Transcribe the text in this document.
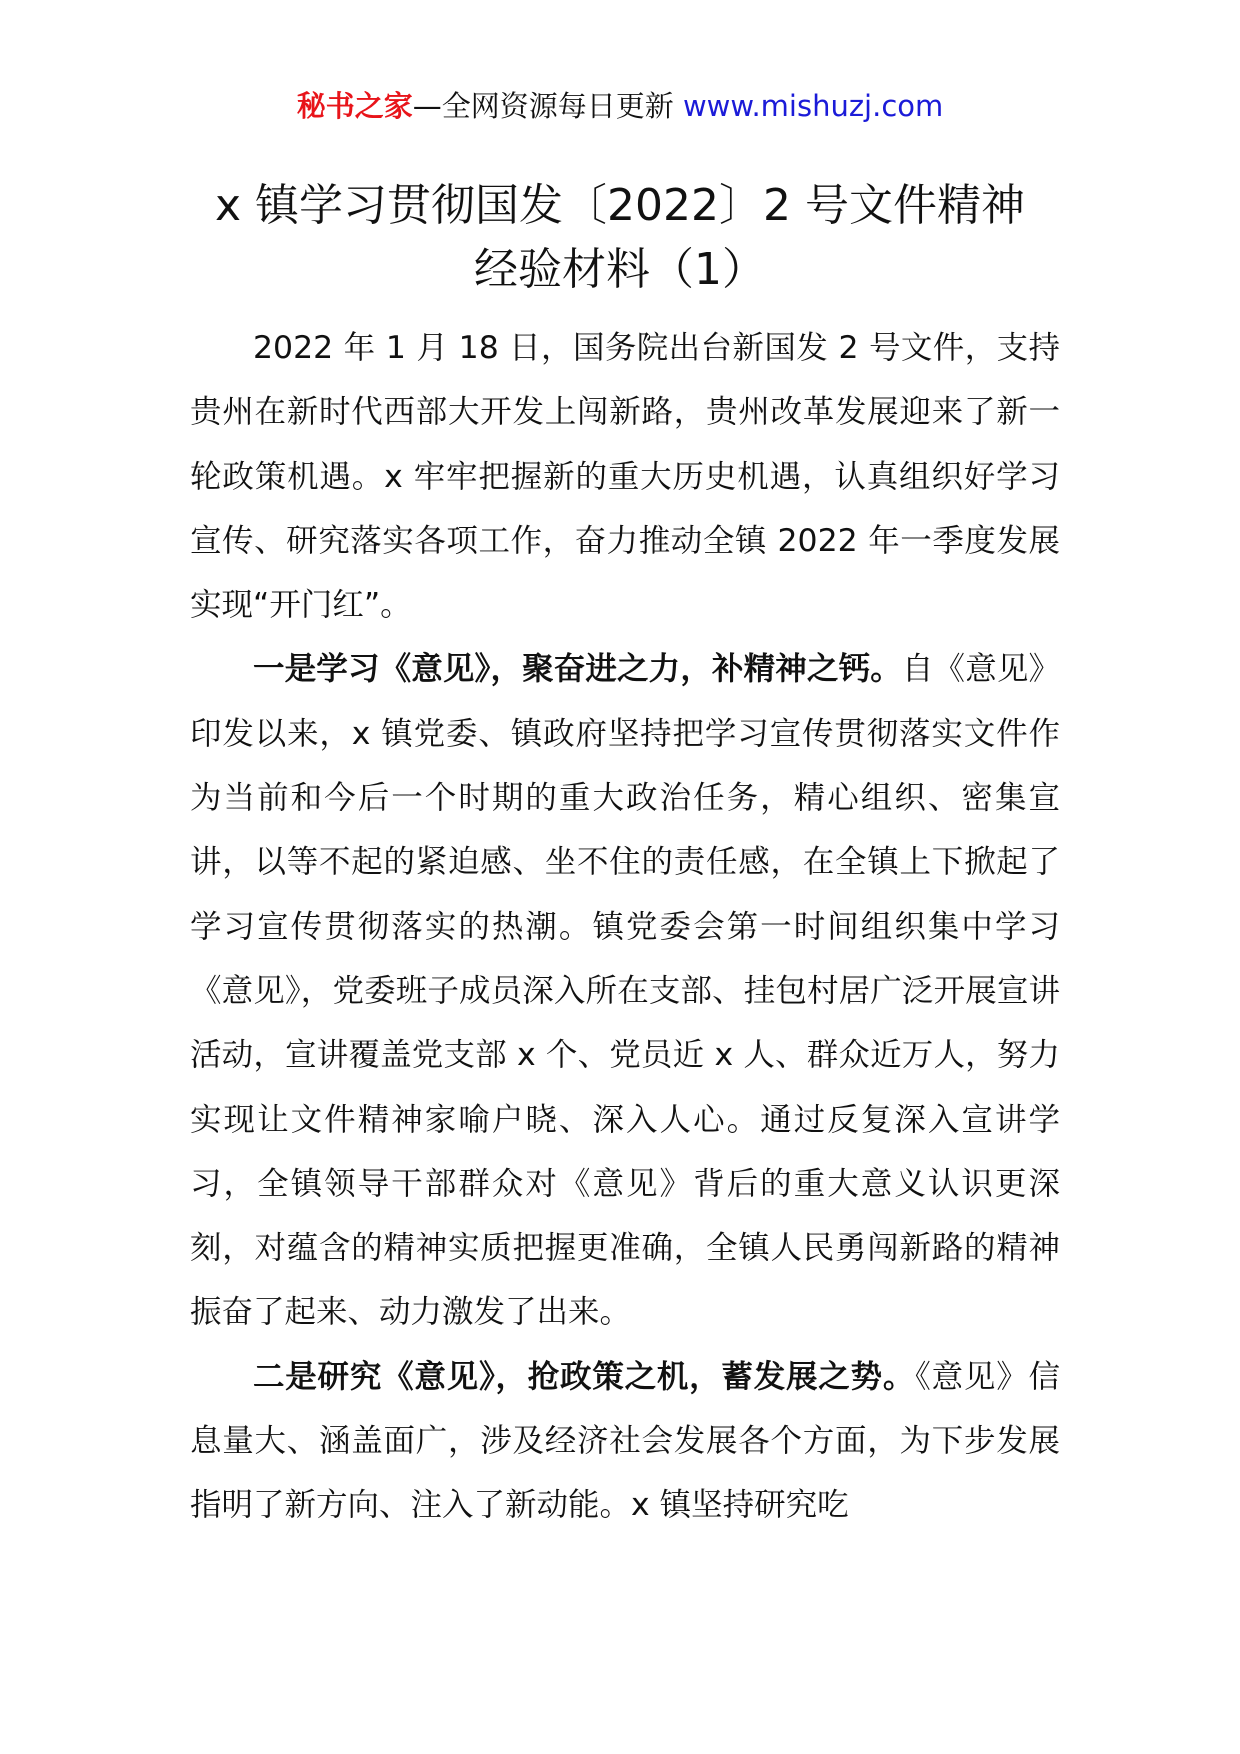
秘书之家—全网资源每日更新 www.mishuzj.com
x 镇学习贯彻国发〔2022〕2 号文件精神
经验材料（1）

2022 年 1 月 18 日，国务院出台新国发 2 号文件，支持贵州在新时代西部大开发上闯新路，贵州改革发展迎来了新一轮政策机遇。x 牢牢把握新的重大历史机遇，认真组织好学习宣传、研究落实各项工作，奋力推动全镇 2022 年一季度发展实现“开门红”。

一是学习《意见》，聚奋进之力，补精神之钙。自《意见》印发以来，x 镇党委、镇政府坚持把学习宣传贯彻落实文件作为当前和今后一个时期的重大政治任务，精心组织、密集宣讲，以等不起的紧迫感、坐不住的责任感，在全镇上下掀起了学习宣传贯彻落实的热潮。镇党委会第一时间组织集中学习《意见》，党委班子成员深入所在支部、挂包村居广泛开展宣讲活动，宣讲覆盖党支部 x 个、党员近 x 人、群众近万人，努力实现让文件精神家喻户晓、深入人心。通过反复深入宣讲学习，全镇领导干部群众对《意见》背后的重大意义认识更深刻，对蕴含的精神实质把握更准确，全镇人民勇闯新路的精神振奋了起来、动力激发了出来。

二是研究《意见》，抢政策之机，蓄发展之势。《意见》信息量大、涵盖面广，涉及经济社会发展各个方面，为下步发展指明了新方向、注入了新动能。x 镇坚持研究吃
